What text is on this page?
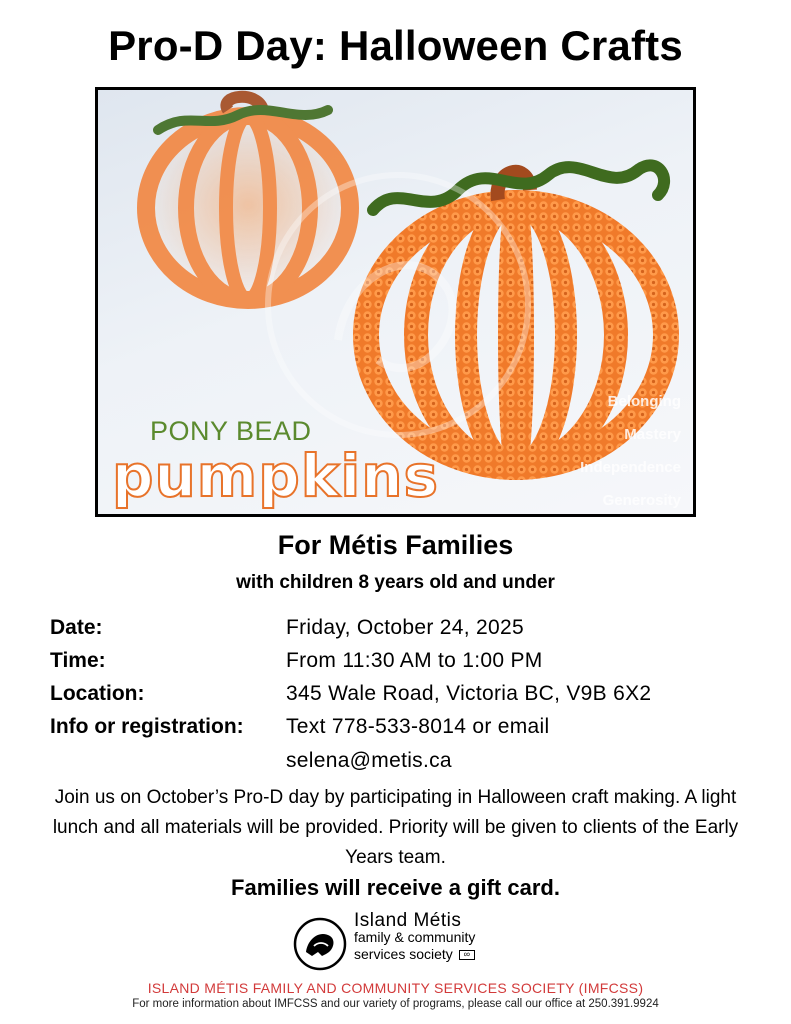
Pro-D Day: Halloween Crafts
PONY BEAD
pumpkins
Belonging
Mastery
Independence
Generosity
For Métis Families
with children 8 years old and under
Date:	Friday, October 24, 2025
Time:	From 11:30 AM to 1:00 PM
Location:	345 Wale Road, Victoria BC, V9B 6X2
Info or registration:	Text 778-533-8014 or email
selena@metis.ca
Join us on October’s Pro-D day by participating in Halloween craft making. A light lunch and all materials will be provided. Priority will be given to clients of the Early Years team.
Families will receive a gift card.
Island Métis
family & community
services society ∞
ISLAND MÉTIS FAMILY AND COMMUNITY SERVICES SOCIETY (IMFCSS)
For more information about IMFCSS and our variety of programs, please call our office at 250.391.9924
